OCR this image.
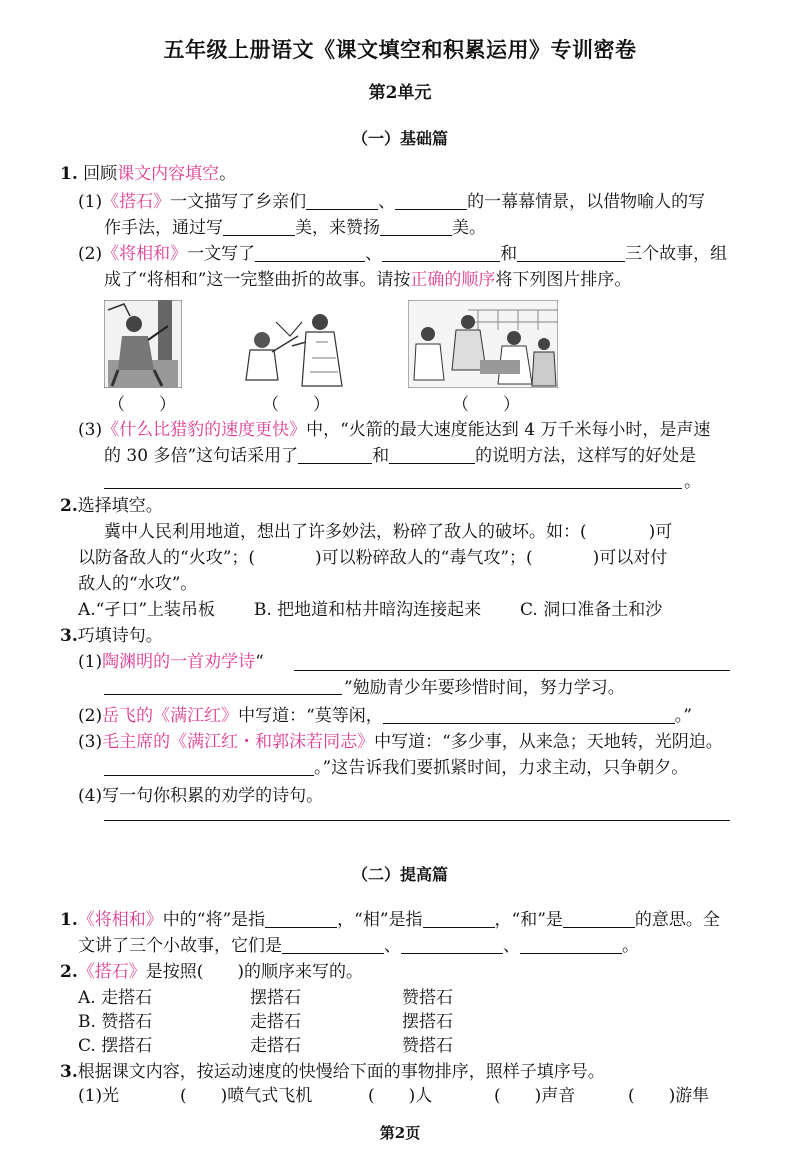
五年级上册语文《课文填空和积累运用》专训密卷
第2单元
（一）基础篇
1. 回顾课文内容填空。
(1)《搭石》一文描写了乡亲们	、	的一幕幕情景，以借物喻人的写
作手法，通过写	美，来赞扬	美。
(2)《将相和》一文写了	、	和	三个故事，组
成了“将相和”这一完整曲折的故事。请按正确的顺序将下列图片排序。
（　　）	（　　）	（　　）
(3)《什么比猎豹的速度更快》中，“火箭的最大速度能达到 4 万千米每小时，是声速
的 30 多倍”这句话采用了	和	的说明方法，这样写的好处是
。
2.选择填空。
冀中人民利用地道，想出了许多妙法，粉碎了敌人的破坏。如：(	)可
以防备敌人的“火攻”；(	)可以粉碎敌人的“毒气攻”；(	)可以对付
敌人的“水攻”。
A.“孑口”上装吊板 B. 把地道和枯井暗沟连接起来 C. 洞口准备土和沙
3.巧填诗句。
(1)陶渊明的一首劝学诗“
”勉励青少年要珍惜时间，努力学习。
(2)岳飞的《满江红》中写道：“莫等闲，	。”
(3)毛主席的《满江红・和郭沫若同志》中写道：“多少事，从来急；天地转，光阴迫。
。”这告诉我们要抓紧时间，力求主动，只争朝夕。
(4)写一句你积累的劝学的诗句。
（二）提高篇
1.《将相和》中的“将”是指	，“相”是指	，“和”是	的意思。全
文讲了三个小故事，它们是	、	、	。
2.《搭石》是按照(　　)的顺序来写的。
A. 走搭石	摆搭石	赞搭石
B. 赞搭石	走搭石	摆搭石
C. 摆搭石	走搭石	赞搭石
3.根据课文内容，按运动速度的快慢给下面的事物排序，照样子填序号。
(1)光	(　　)喷气式飞机	(　　)人	(　　)声音	(　　)游隼
第2页
